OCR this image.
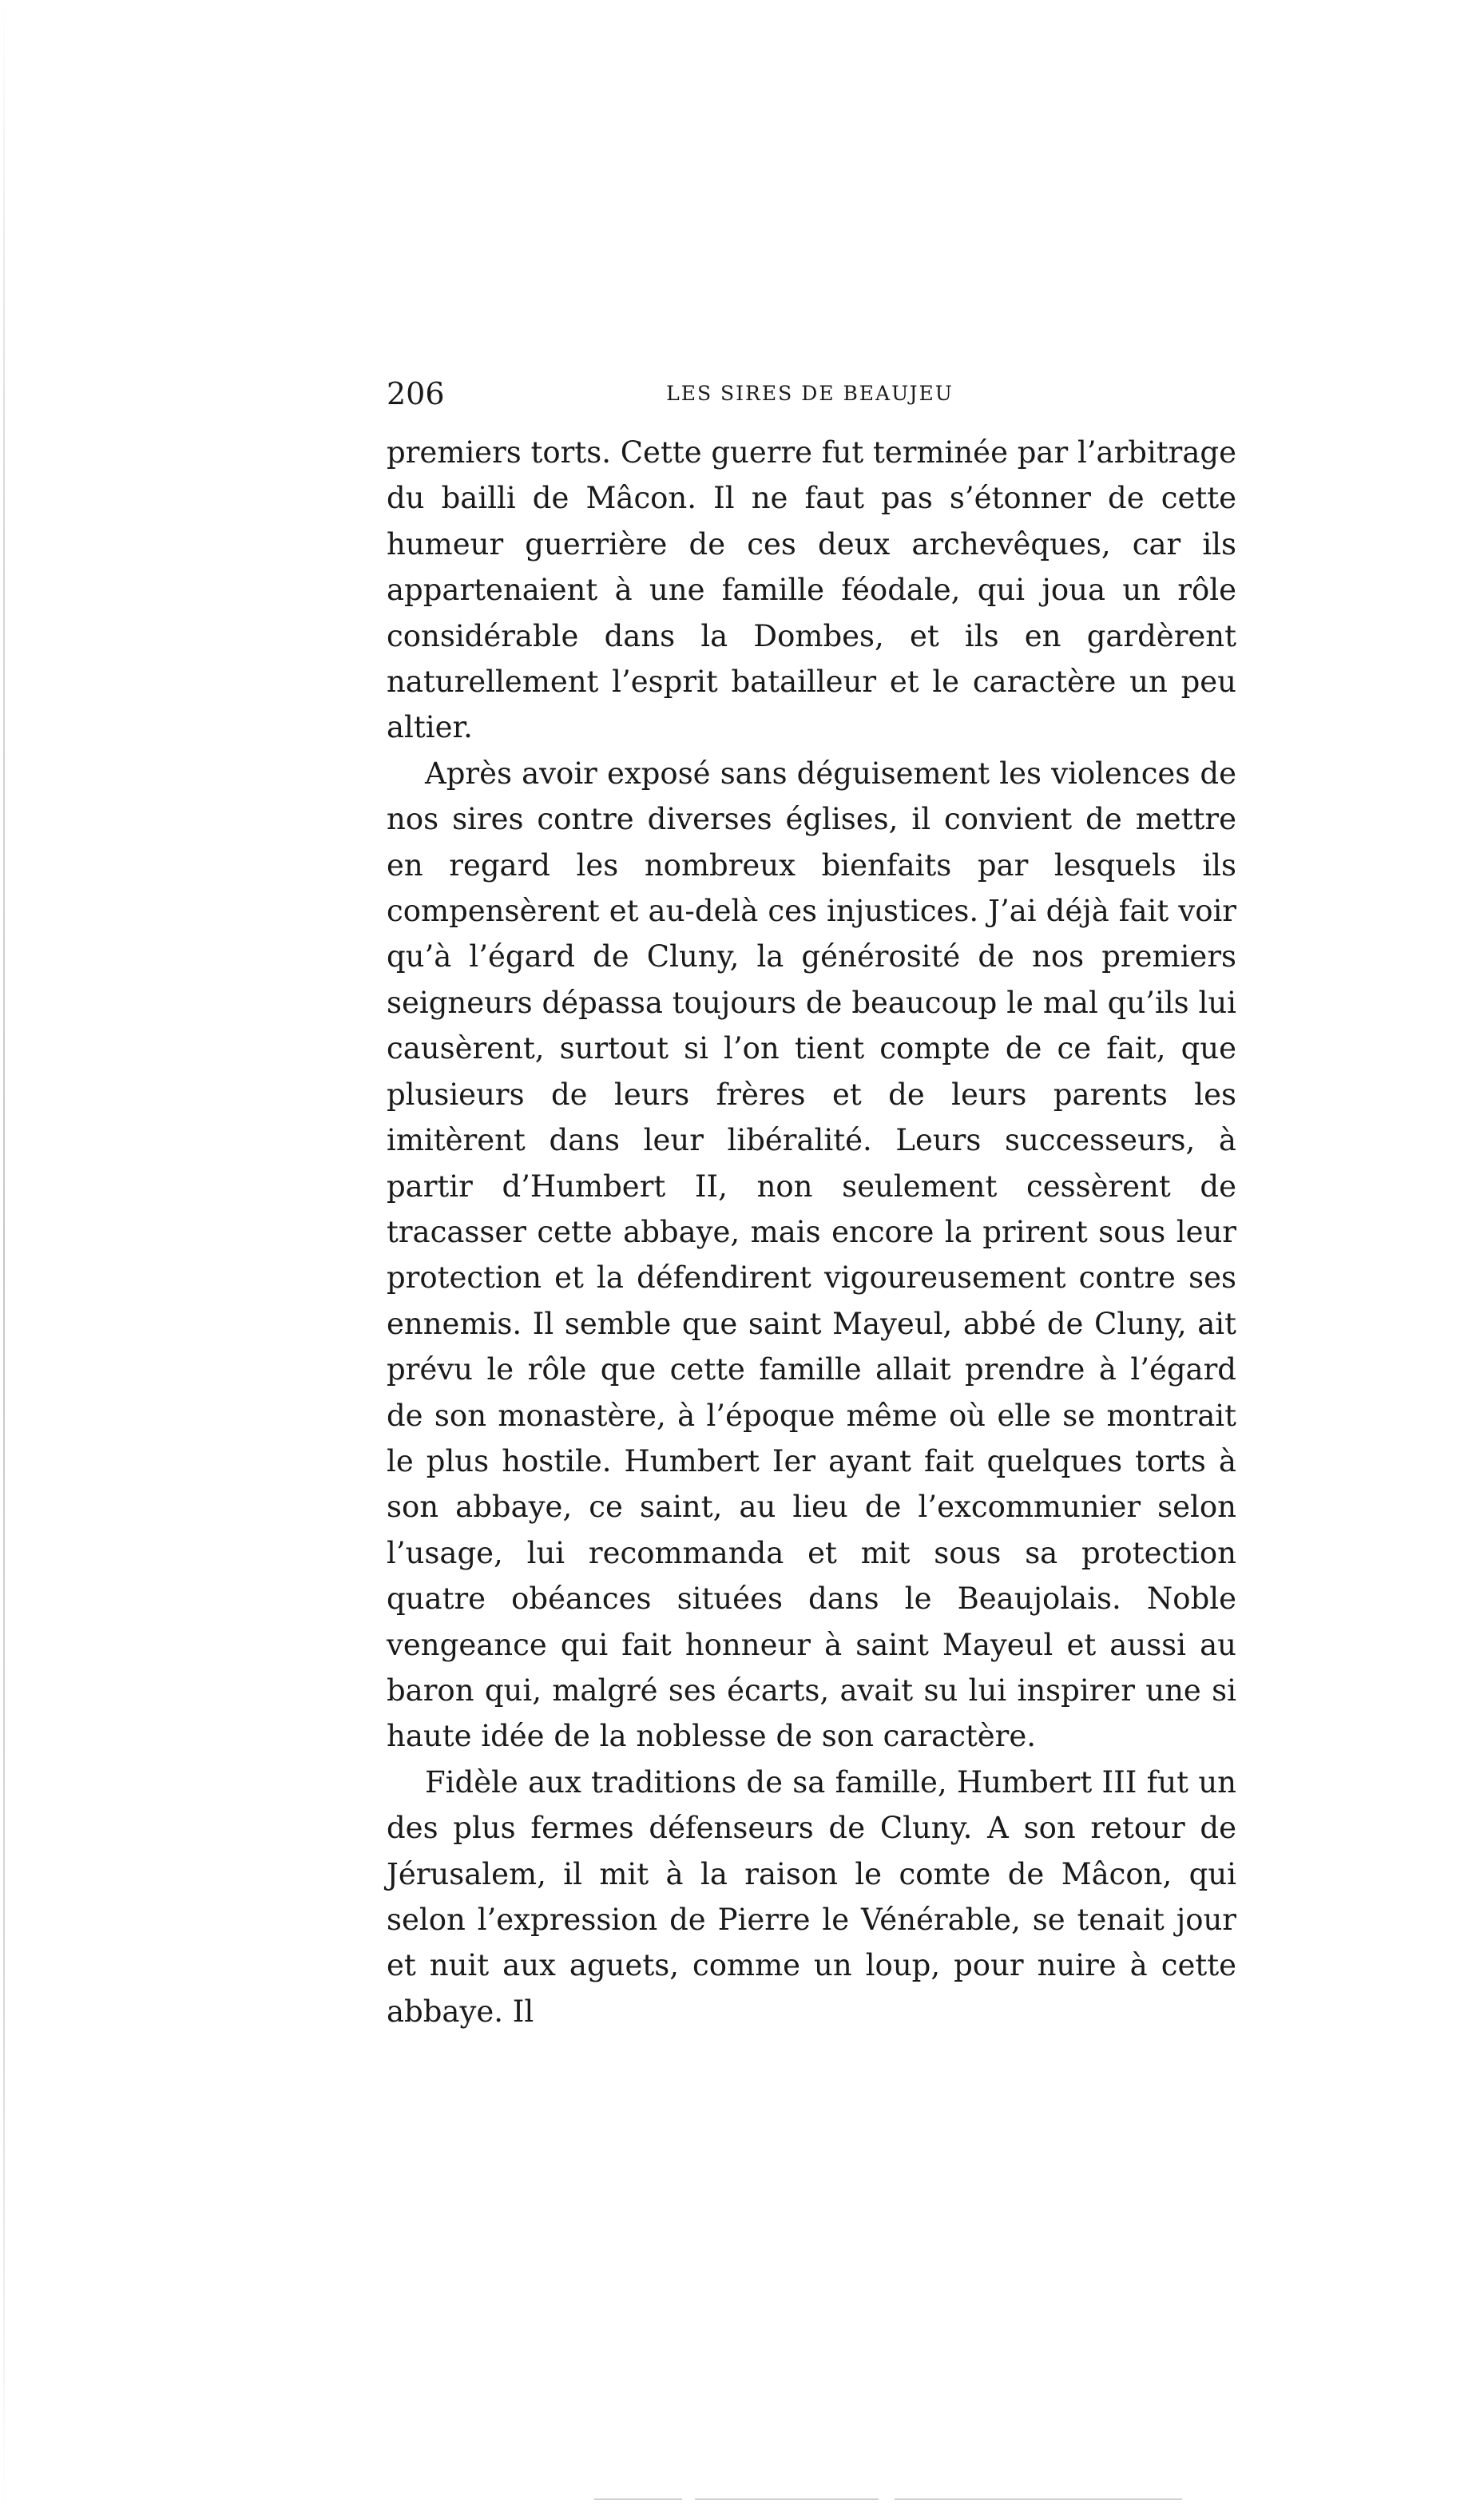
206	LES SIRES DE BEAUJEU

premiers torts. Cette guerre fut terminée par l’arbitrage du bailli de Mâcon. Il ne faut pas s’étonner de cette humeur guerrière de ces deux archevêques, car ils appartenaient à une famille féodale, qui joua un rôle considérable dans la Dombes, et ils en gardèrent naturellement l’esprit batailleur et le caractère un peu altier.

Après avoir exposé sans déguisement les violences de nos sires contre diverses églises, il convient de mettre en regard les nombreux bienfaits par lesquels ils compensèrent et au-delà ces injustices. J’ai déjà fait voir qu’à l’égard de Cluny, la générosité de nos premiers seigneurs dépassa toujours de beaucoup le mal qu’ils lui causèrent, surtout si l’on tient compte de ce fait, que plusieurs de leurs frères et de leurs parents les imitèrent dans leur libéralité. Leurs successeurs, à partir d’Humbert II, non seulement cessèrent de tracasser cette abbaye, mais encore la prirent sous leur protection et la défendirent vigoureusement contre ses ennemis. Il semble que saint Mayeul, abbé de Cluny, ait prévu le rôle que cette famille allait prendre à l’égard de son monastère, à l’époque même où elle se montrait le plus hostile. Humbert Ier ayant fait quelques torts à son abbaye, ce saint, au lieu de l’excommunier selon l’usage, lui recommanda et mit sous sa protection quatre obéances situées dans le Beaujolais. Noble vengeance qui fait honneur à saint Mayeul et aussi au baron qui, malgré ses écarts, avait su lui inspirer une si haute idée de la noblesse de son caractère.

Fidèle aux traditions de sa famille, Humbert III fut un des plus fermes défenseurs de Cluny. A son retour de Jérusalem, il mit à la raison le comte de Mâcon, qui selon l’expression de Pierre le Vénérable, se tenait jour et nuit aux aguets, comme un loup, pour nuire à cette abbaye. Il
